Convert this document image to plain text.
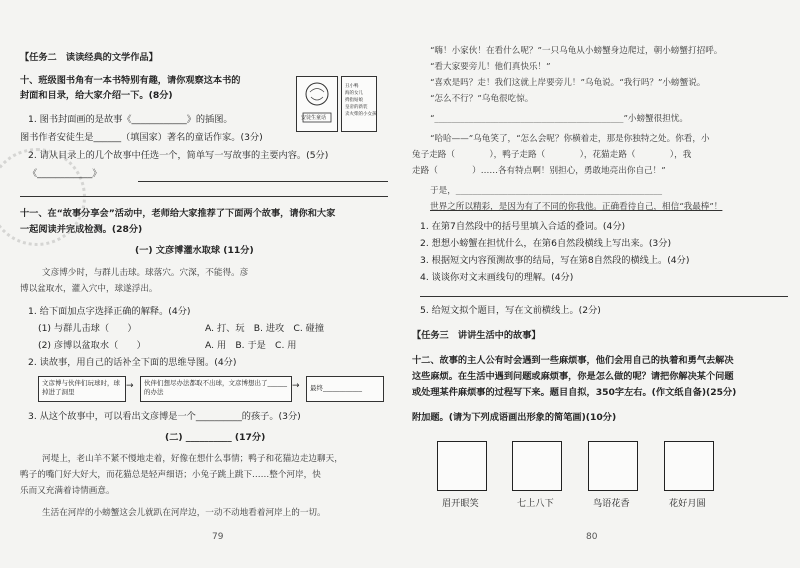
【任务二　读读经典的文学作品】
十、班级图书角有一本书特别有趣，请你观察这本书的
封面和目录，给大家介绍一下。(8分)
安徒生童话
丑小鸭
海的女儿
拇指姑娘
皇帝的新装
卖火柴的小女孩
1. 图书封面画的是故事《____________》的插图。
图书作者安徒生是______（填国家）著名的童话作家。(3分)
2. 请从目录上的几个故事中任选一个，简单写一写故事的主要内容。(5分)
《____________》
十一、在“故事分享会”活动中，老师给大家推荐了下面两个故事，请你和大家
一起阅读并完成检测。(28分)
(一) 文彦博灌水取球 (11分)
文彦博少时，与群儿击球。球落穴。穴深，不能得。彦
博以盆取水，灌入穴中，球遂浮出。
1. 给下面加点字选择正确的解释。(4分)
(1) 与群儿击球（　　）	A. 打、玩　B. 进攻　C. 碰撞
(2) 彦博以盆取水（　　）	A. 用　B. 于是　C. 用
2. 读故事，用自己的话补全下面的思维导图。(4分)
文彦博与伙伴们玩球时，球掉进了洞里
→ 伙伴们想尽办法都取不出球，文彦博想出了______的办法
→ 最终____________
3. 从这个故事中，可以看出文彦博是一个__________的孩子。(3分)
(二) __________ (17分)
河堤上，老山羊不紧不慢地走着，好像在想什么事情；鸭子和花猫边走边聊天，
鸭子的嘴门好大好大，而花猫总是轻声细语；小兔子跳上跳下……整个河岸，快
乐而又充满着诗情画意。
生活在河岸的小螃蟹这会儿就趴在河岸边，一动不动地看着河岸上的一切。
79
“嗨！小家伙！在看什么呢？”一只乌龟从小螃蟹身边爬过，朝小螃蟹打招呼。
“看大家要旁儿！他们真快乐！”
“喜欢是吗？走！我们这就上岸要旁儿！”乌龟说。“我行吗？”小螃蟹说。
“怎么不行？”乌龟很吃惊。
“____________________________________________”小螃蟹很担忧。
“哈哈——”乌龟笑了，“怎么会呢？你横着走，那是你独特之处。你看，小
兔子走路（　　　　），鸭子走路（　　　　），花猫走路（　　　　），我
走路（　　　　）……各有特点啊！别担心，勇敢地亮出你自己！”
于是，________________________________________________
世界之所以精彩，是因为有了不同的你我他。正确看待自己，相信“我最棒”！
1. 在第7自然段中的括号里填入合适的叠词。(4分)
2. 想想小螃蟹在担忧什么，在第6自然段横线上写出来。(3分)
3. 根据短文内容预测故事的结局，写在第8自然段的横线上。(4分)
4. 谈谈你对文末画线句的理解。(4分)
5. 给短文拟个题目，写在文前横线上。(2分)
【任务三　讲讲生活中的故事】
十二、故事的主人公有时会遇到一些麻烦事，他们会用自己的执着和勇气去解决
这些麻烦。在生活中遇到问题或麻烦事，你是怎么做的呢？请把你解决某个问题
或处理某件麻烦事的过程写下来。题目自拟，350字左右。(作文纸自备)(25分)
附加题。(请为下列成语画出形象的简笔画)(10分)
眉开眼笑	七上八下	鸟语花香	花好月圆
80
